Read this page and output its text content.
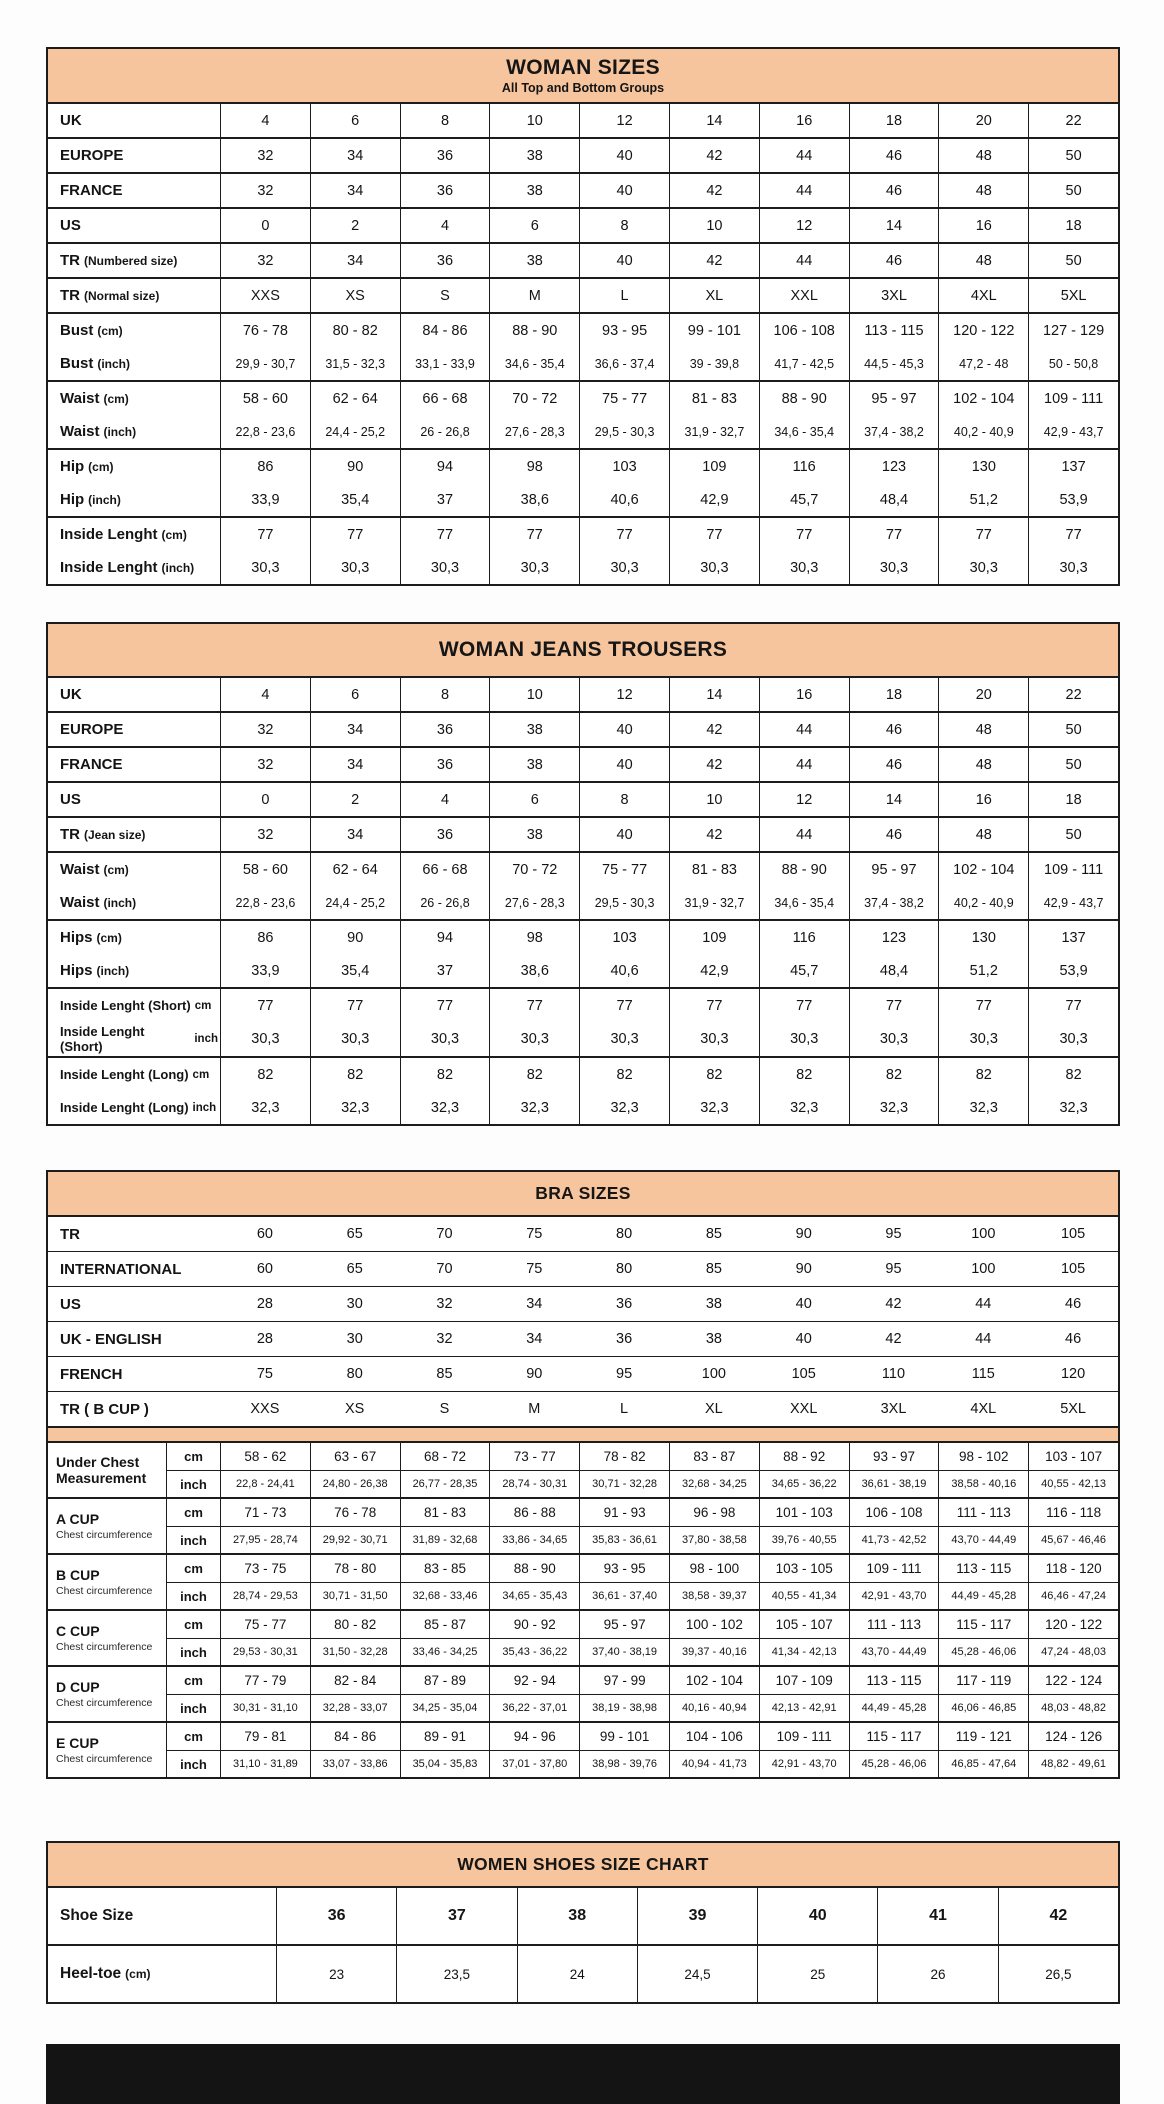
WOMAN SIZES
All Top and Bottom Groups
UK	4	6	8	10	12	14	16	18	20	22
EUROPE	32	34	36	38	40	42	44	46	48	50
FRANCE	32	34	36	38	40	42	44	46	48	50
US	0	2	4	6	8	10	12	14	16	18
TR (Numbered size)	32	34	36	38	40	42	44	46	48	50
TR (Normal size)	XXS	XS	S	M	L	XL	XXL	3XL	4XL	5XL
Bust (cm)	76 - 78	80 - 82	84 - 86	88 - 90	93 - 95	99 - 101	106 - 108	113 - 115	120 - 122	127 - 129
Bust (inch)	29,9 - 30,7	31,5 - 32,3	33,1 - 33,9	34,6 - 35,4	36,6 - 37,4	39 - 39,8	41,7 - 42,5	44,5 - 45,3	47,2 - 48	50 - 50,8
Waist (cm)	58 - 60	62 - 64	66 - 68	70 - 72	75 - 77	81 - 83	88 - 90	95 - 97	102 - 104	109 - 111
Waist (inch)	22,8 - 23,6	24,4 - 25,2	26 - 26,8	27,6 - 28,3	29,5 - 30,3	31,9 - 32,7	34,6 - 35,4	37,4 - 38,2	40,2 - 40,9	42,9 - 43,7
Hip (cm)	86	90	94	98	103	109	116	123	130	137
Hip (inch)	33,9	35,4	37	38,6	40,6	42,9	45,7	48,4	51,2	53,9
Inside Lenght (cm)	77	77	77	77	77	77	77	77	77	77
Inside Lenght (inch)	30,3	30,3	30,3	30,3	30,3	30,3	30,3	30,3	30,3	30,3
WOMAN JEANS TROUSERS
UK	4	6	8	10	12	14	16	18	20	22
EUROPE	32	34	36	38	40	42	44	46	48	50
FRANCE	32	34	36	38	40	42	44	46	48	50
US	0	2	4	6	8	10	12	14	16	18
TR (Jean size)	32	34	36	38	40	42	44	46	48	50
Waist (cm)	58 - 60	62 - 64	66 - 68	70 - 72	75 - 77	81 - 83	88 - 90	95 - 97	102 - 104	109 - 111
Waist (inch)	22,8 - 23,6	24,4 - 25,2	26 - 26,8	27,6 - 28,3	29,5 - 30,3	31,9 - 32,7	34,6 - 35,4	37,4 - 38,2	40,2 - 40,9	42,9 - 43,7
Hips (cm)	86	90	94	98	103	109	116	123	130	137
Hips (inch)	33,9	35,4	37	38,6	40,6	42,9	45,7	48,4	51,2	53,9
Inside Lenght (Short) cm	77	77	77	77	77	77	77	77	77	77
Inside Lenght (Short)	inch	30,3	30,3	30,3	30,3	30,3	30,3	30,3	30,3	30,3	30,3
Inside Lenght (Long) cm	82	82	82	82	82	82	82	82	82	82
Inside Lenght (Long) inch	32,3	32,3	32,3	32,3	32,3	32,3	32,3	32,3	32,3	32,3
BRA SIZES
TR	60	65	70	75	80	85	90	95	100	105
INTERNATIONAL	60	65	70	75	80	85	90	95	100	105
US	28	30	32	34	36	38	40	42	44	46
UK - ENGLISH	28	30	32	34	36	38	40	42	44	46
FRENCH	75	80	85	90	95	100	105	110	115	120
TR ( B CUP )	XXS	XS	S	M	L	XL	XXL	3XL	4XL	5XL
Under Chest Measurement
cm	58 - 62	63 - 67	68 - 72	73 - 77	78 - 82	83 - 87	88 - 92	93 - 97	98 - 102	103 - 107
inch	22,8 - 24,41	24,80 - 26,38	26,77 - 28,35	28,74 - 30,31	30,71 - 32,28	32,68 - 34,25	34,65 - 36,22	36,61 - 38,19	38,58 - 40,16	40,55 - 42,13
A CUP
Chest circumference
cm	71 - 73	76 - 78	81 - 83	86 - 88	91 - 93	96 - 98	101 - 103	106 - 108	111 - 113	116 - 118
inch	27,95 - 28,74	29,92 - 30,71	31,89 - 32,68	33,86 - 34,65	35,83 - 36,61	37,80 - 38,58	39,76 - 40,55	41,73 - 42,52	43,70 - 44,49	45,67 - 46,46
B CUP
Chest circumference
cm	73 - 75	78 - 80	83 - 85	88 - 90	93 - 95	98 - 100	103 - 105	109 - 111	113 - 115	118 - 120
inch	28,74 - 29,53	30,71 - 31,50	32,68 - 33,46	34,65 - 35,43	36,61 - 37,40	38,58 - 39,37	40,55 - 41,34	42,91 - 43,70	44,49 - 45,28	46,46 - 47,24
C CUP
Chest circumference
cm	75 - 77	80 - 82	85 - 87	90 - 92	95 - 97	100 - 102	105 - 107	111 - 113	115 - 117	120 - 122
inch	29,53 - 30,31	31,50 - 32,28	33,46 - 34,25	35,43 - 36,22	37,40 - 38,19	39,37 - 40,16	41,34 - 42,13	43,70 - 44,49	45,28 - 46,06	47,24 - 48,03
D CUP
Chest circumference
cm	77 - 79	82 - 84	87 - 89	92 - 94	97 - 99	102 - 104	107 - 109	113 - 115	117 - 119	122 - 124
inch	30,31 - 31,10	32,28 - 33,07	34,25 - 35,04	36,22 - 37,01	38,19 - 38,98	40,16 - 40,94	42,13 - 42,91	44,49 - 45,28	46,06 - 46,85	48,03 - 48,82
E CUP
Chest circumference
cm	79 - 81	84 - 86	89 - 91	94 - 96	99 - 101	104 - 106	109 - 111	115 - 117	119 - 121	124 - 126
inch	31,10 - 31,89	33,07 - 33,86	35,04 - 35,83	37,01 - 37,80	38,98 - 39,76	40,94 - 41,73	42,91 - 43,70	45,28 - 46,06	46,85 - 47,64	48,82 - 49,61
WOMEN SHOES SIZE CHART
Shoe Size	36	37	38	39	40	41	42
Heel-toe (cm)	23	23,5	24	24,5	25	26	26,5
